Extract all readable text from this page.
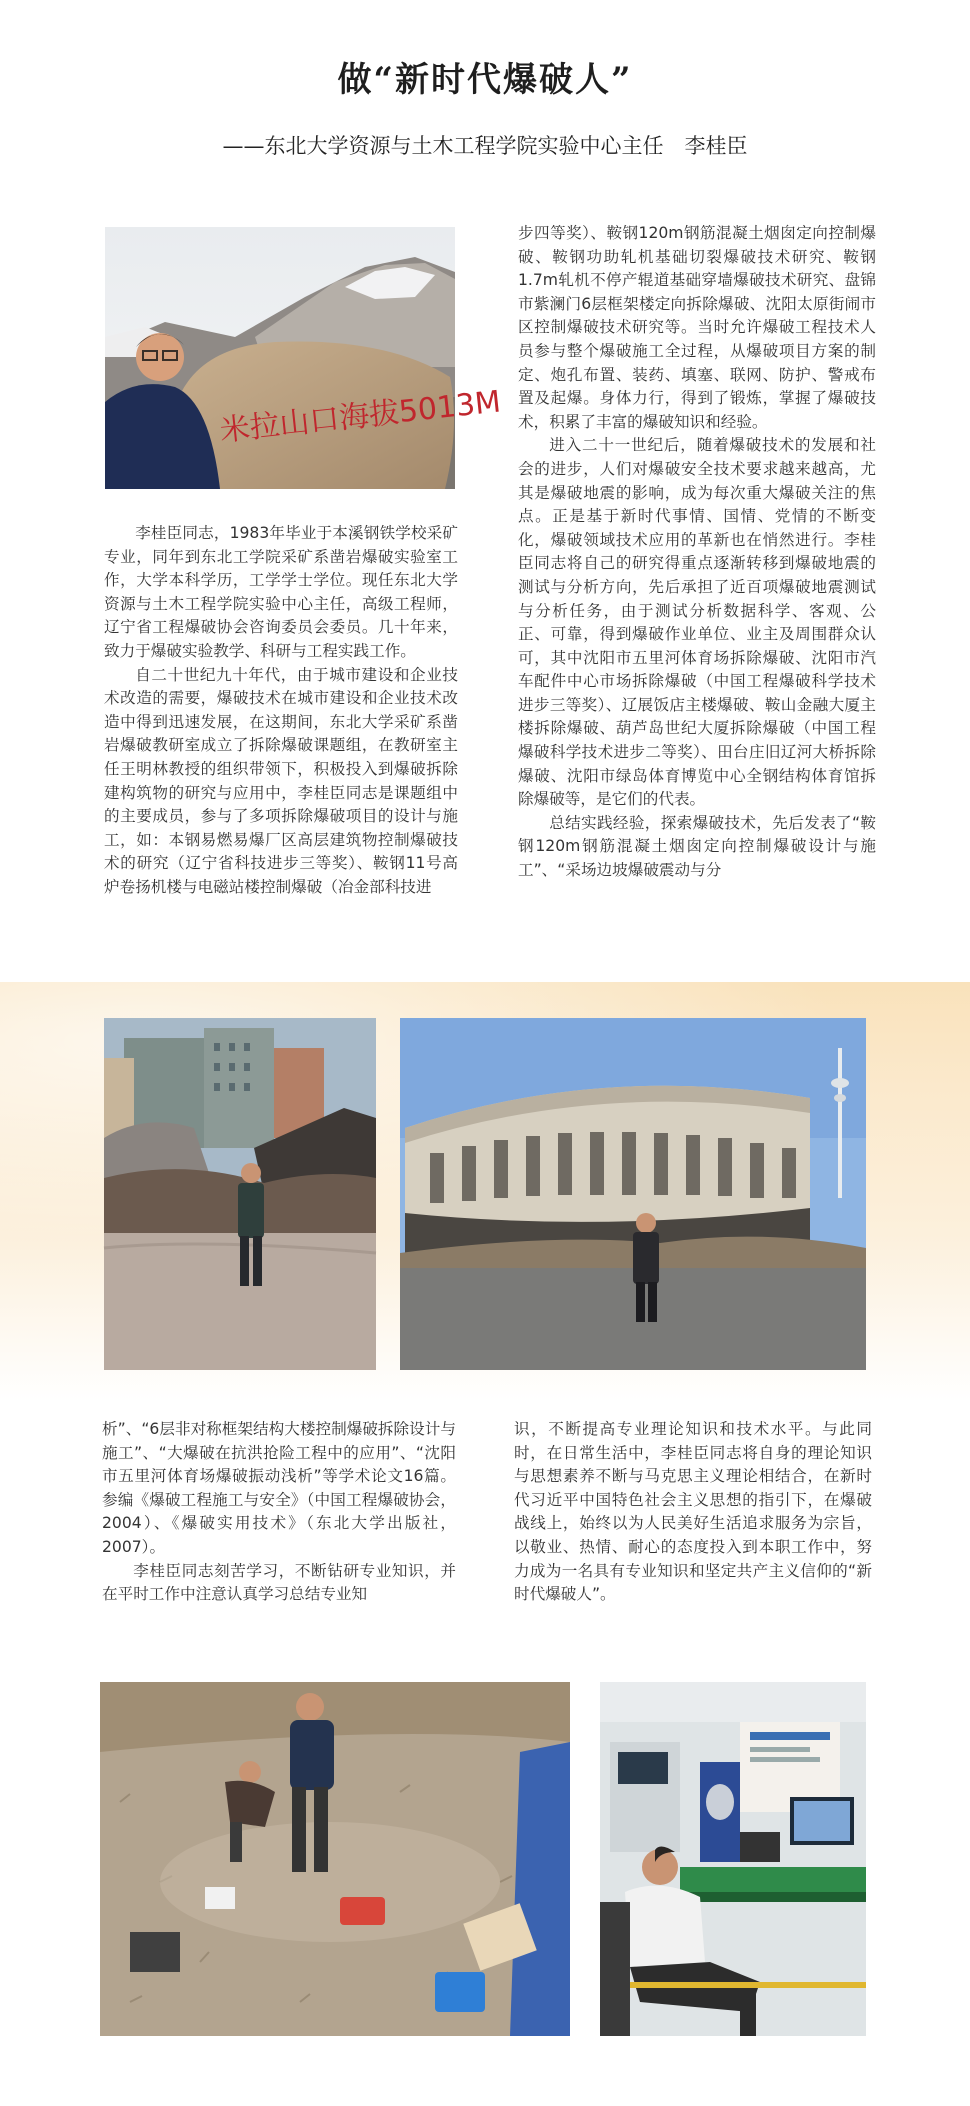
做“新时代爆破人”
——东北大学资源与土木工程学院实验中心主任　李桂臣
米拉山口海拔5013M

李桂臣同志，1983年毕业于本溪钢铁学校采矿专业，同年到东北工学院采矿系凿岩爆破实验室工作，大学本科学历，工学学士学位。现任东北大学资源与土木工程学院实验中心主任，高级工程师，辽宁省工程爆破协会咨询委员会委员。几十年来，致力于爆破实验教学、科研与工程实践工作。

自二十世纪九十年代，由于城市建设和企业技术改造的需要，爆破技术在城市建设和企业技术改造中得到迅速发展，在这期间，东北大学采矿系凿岩爆破教研室成立了拆除爆破课题组，在教研室主任王明林教授的组织带领下，积极投入到爆破拆除建构筑物的研究与应用中，李桂臣同志是课题组中的主要成员，参与了多项拆除爆破项目的设计与施工，如：本钢易燃易爆厂区高层建筑物控制爆破技术的研究（辽宁省科技进步三等奖）、鞍钢11号高炉卷扬机楼与电磁站楼控制爆破（冶金部科技进

步四等奖）、鞍钢120m钢筋混凝土烟囱定向控制爆破、鞍钢功助轧机基础切裂爆破技术研究、鞍钢1.7m轧机不停产辊道基础穿墙爆破技术研究、盘锦市紫澜门6层框架楼定向拆除爆破、沈阳太原街闹市区控制爆破技术研究等。当时允许爆破工程技术人员参与整个爆破施工全过程，从爆破项目方案的制定、炮孔布置、装药、填塞、联网、防护、警戒布置及起爆。身体力行，得到了锻炼，掌握了爆破技术，积累了丰富的爆破知识和经验。

进入二十一世纪后，随着爆破技术的发展和社会的进步，人们对爆破安全技术要求越来越高，尤其是爆破地震的影响，成为每次重大爆破关注的焦点。正是基于新时代事情、国情、党情的不断变化，爆破领域技术应用的革新也在悄然进行。李桂臣同志将自己的研究得重点逐渐转移到爆破地震的测试与分析方向，先后承担了近百项爆破地震测试与分析任务，由于测试分析数据科学、客观、公正、可靠，得到爆破作业单位、业主及周围群众认可，其中沈阳市五里河体育场拆除爆破、沈阳市汽车配件中心市场拆除爆破（中国工程爆破科学技术进步三等奖）、辽展饭店主楼爆破、鞍山金融大厦主楼拆除爆破、葫芦岛世纪大厦拆除爆破（中国工程爆破科学技术进步二等奖）、田台庄旧辽河大桥拆除爆破、沈阳市绿岛体育博览中心全钢结构体育馆拆除爆破等，是它们的代表。

总结实践经验，探索爆破技术，先后发表了“鞍钢120m钢筋混凝土烟囱定向控制爆破设计与施工”、“采场边坡爆破震动与分

析”、“6层非对称框架结构大楼控制爆破拆除设计与施工”、“大爆破在抗洪抢险工程中的应用”、“沈阳市五里河体育场爆破振动浅析”等学术论文16篇。参编《爆破工程施工与安全》（中国工程爆破协会，2004）、《爆破实用技术》（东北大学出版社，2007）。

李桂臣同志刻苦学习，不断钻研专业知识，并在平时工作中注意认真学习总结专业知

识，不断提高专业理论知识和技术水平。与此同时，在日常生活中，李桂臣同志将自身的理论知识与思想素养不断与马克思主义理论相结合，在新时代习近平中国特色社会主义思想的指引下，在爆破战线上，始终以为人民美好生活追求服务为宗旨，以敬业、热情、耐心的态度投入到本职工作中，努力成为一名具有专业知识和坚定共产主义信仰的“新时代爆破人”。
